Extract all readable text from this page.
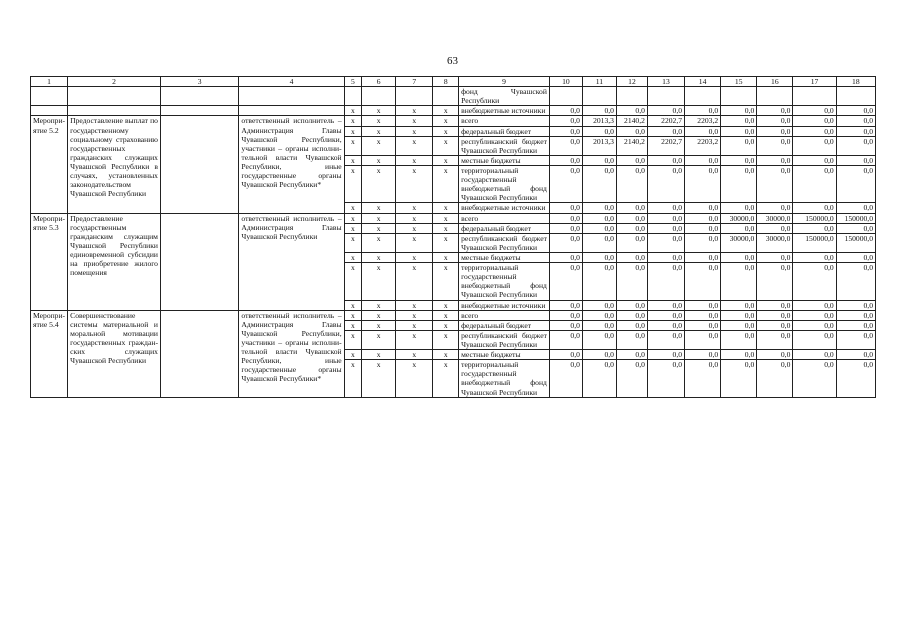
63
1	2	3	4	5	6	7	8	9	10	11	12	13	14	15	16	17	18
								фонд Чувашской Республики									
				x	x	x	x	внебюджетные источники	0,0	0,0	0,0	0,0	0,0	0,0	0,0	0,0	0,0
Мероприятие 5.2	Предоставление выплат по государственному социальному страхованию государственных гражданских служащих Чувашской Республики в случаях, установленных законодательством Чувашской Республики		ответственный исполнитель – Администрация Главы Чувашской Республики, участники – органы исполнительной власти Чувашской Республики, иные государственные органы Чувашской Республики*	x	x	x	x	всего	0,0	2013,3	2140,2	2202,7	2203,2	0,0	0,0	0,0	0,0
				x	x	x	x	федеральный бюджет	0,0	0,0	0,0	0,0	0,0	0,0	0,0	0,0	0,0
				x	x	x	x	республиканский бюджет Чувашской Республики	0,0	2013,3	2140,2	2202,7	2203,2	0,0	0,0	0,0	0,0
				x	x	x	x	местные бюджеты	0,0	0,0	0,0	0,0	0,0	0,0	0,0	0,0	0,0
				x	x	x	x	территориальный государственный внебюджетный фонд Чувашской Республики	0,0	0,0	0,0	0,0	0,0	0,0	0,0	0,0	0,0
				x	x	x	x	внебюджетные источники	0,0	0,0	0,0	0,0	0,0	0,0	0,0	0,0	0,0
Мероприятие 5.3	Предоставление государственным гражданским служащим Чувашской Республики единовременной субсидии на приобретение жилого помещения		ответственный исполнитель – Администрация Главы Чувашской Республики	x	x	x	x	всего	0,0	0,0	0,0	0,0	0,0	30000,0	30000,0	150000,0	150000,0
				x	x	x	x	федеральный бюджет	0,0	0,0	0,0	0,0	0,0	0,0	0,0	0,0	0,0
				x	x	x	x	республиканский бюджет Чувашской Республики	0,0	0,0	0,0	0,0	0,0	30000,0	30000,0	150000,0	150000,0
				x	x	x	x	местные бюджеты	0,0	0,0	0,0	0,0	0,0	0,0	0,0	0,0	0,0
				x	x	x	x	территориальный государственный внебюджетный фонд Чувашской Республики	0,0	0,0	0,0	0,0	0,0	0,0	0,0	0,0	0,0
				x	x	x	x	внебюджетные источники	0,0	0,0	0,0	0,0	0,0	0,0	0,0	0,0	0,0
Мероприятие 5.4	Совершенствование системы материальной и моральной мотивации государственных гражданских служащих Чувашской Республики		ответственный исполнитель – Администрация Главы Чувашской Республики, участники – органы исполнительной власти Чувашской Республики, иные государственные органы Чувашской Республики*	x	x	x	x	всего	0,0	0,0	0,0	0,0	0,0	0,0	0,0	0,0	0,0
				x	x	x	x	федеральный бюджет	0,0	0,0	0,0	0,0	0,0	0,0	0,0	0,0	0,0
				x	x	x	x	республиканский бюджет Чувашской Республики	0,0	0,0	0,0	0,0	0,0	0,0	0,0	0,0	0,0
				x	x	x	x	местные бюджеты	0,0	0,0	0,0	0,0	0,0	0,0	0,0	0,0	0,0
				x	x	x	x	территориальный государственный внебюджетный фонд Чувашской Республики	0,0	0,0	0,0	0,0	0,0	0,0	0,0	0,0	0,0
